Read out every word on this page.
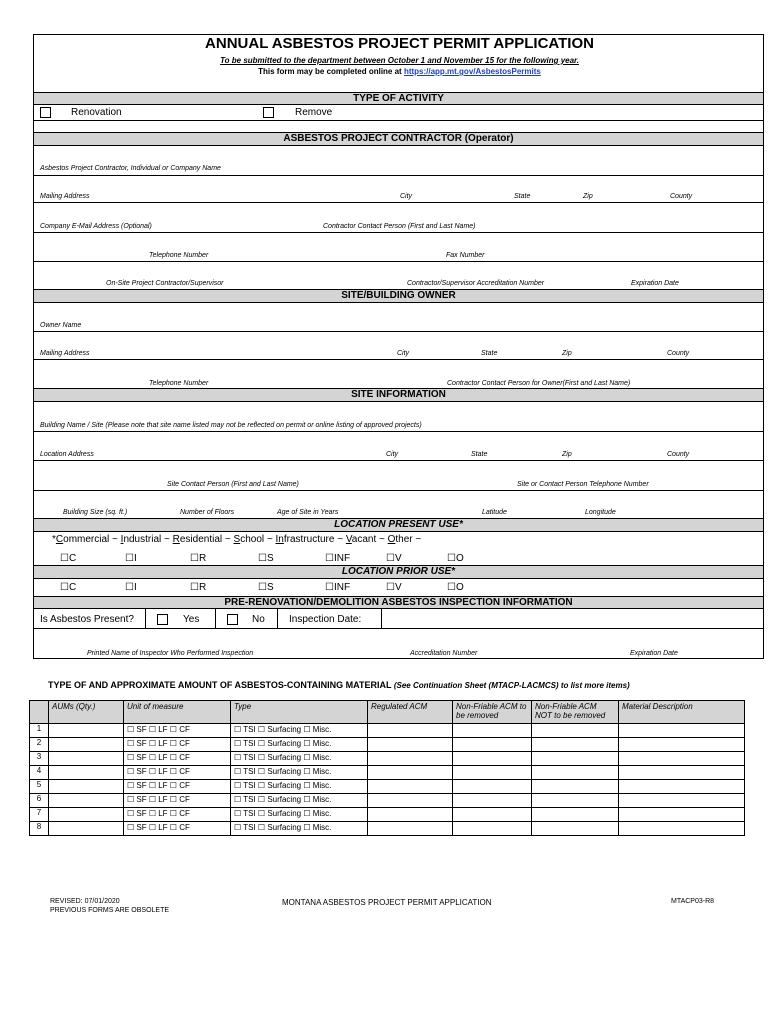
ANNUAL ASBESTOS PROJECT PERMIT APPLICATION
To be submitted to the department between October 1 and November 15 for the following year.
This form may be completed online at https://app.mt.gov/AsbestosPermits
TYPE OF ACTIVITY
Renovation	Remove
ASBESTOS PROJECT CONTRACTOR (Operator)
Asbestos Project Contractor, Individual or Company Name
Mailing Address	City	State	Zip	County
Company E-Mail Address (Optional)	Contractor Contact Person (First and Last Name)
Telephone Number	Fax Number
On-Site Project Contractor/Supervisor	Contractor/Supervisor Accreditation Number	Expiration Date
SITE/BUILDING OWNER
Owner Name
Mailing Address	City	State	Zip	County
Telephone Number	Contractor Contact Person for Owner(First and Last Name)
SITE INFORMATION
Building Name / Site (Please note that site name listed may not be reflected on permit or online listing of approved projects)
Location Address	City	State	Zip	County
Site Contact Person (First and Last Name)	Site or Contact Person Telephone Number
Building Size (sq. ft.)	Number of Floors	Age of Site in Years	Latitude	Longitude
LOCATION PRESENT USE*
*Commercial ~ Industrial ~ Residential ~ School ~ Infrastructure ~ Vacant ~ Other ~
☐C	☐I	☐R	☐S	☐INF	☐V	☐O
LOCATION PRIOR USE*
☐C	☐I	☐R	☐S	☐INF	☐V	☐O
PRE-RENOVATION/DEMOLITION ASBESTOS INSPECTION INFORMATION
Is Asbestos Present?	Yes	No Inspection Date:
Printed Name of Inspector Who Performed Inspection	Accreditation Number	Expiration Date
TYPE OF AND APPROXIMATE AMOUNT OF ASBESTOS-CONTAINING MATERIAL (See Continuation Sheet (MTACP-LACMCS) to list more items)
	AUMs (Qty.)	Unit of measure	Type	Regulated ACM	Non-Friable ACM to be removed	Non-Friable ACM NOT to be removed	Material Description
1		☐ SF ☐ LF ☐ CF	☐ TSI ☐ Surfacing ☐ Misc.				
2		☐ SF ☐ LF ☐ CF	☐ TSI ☐ Surfacing ☐ Misc.				
3		☐ SF ☐ LF ☐ CF	☐ TSI ☐ Surfacing ☐ Misc.				
4		☐ SF ☐ LF ☐ CF	☐ TSI ☐ Surfacing ☐ Misc.				
5		☐ SF ☐ LF ☐ CF	☐ TSI ☐ Surfacing ☐ Misc.				
6		☐ SF ☐ LF ☐ CF	☐ TSI ☐ Surfacing ☐ Misc.				
7		☐ SF ☐ LF ☐ CF	☐ TSI ☐ Surfacing ☐ Misc.				
8		☐ SF ☐ LF ☐ CF	☐ TSI ☐ Surfacing ☐ Misc.				
REVISED: 07/01/2020
PREVIOUS FORMS ARE OBSOLETE
MONTANA ASBESTOS PROJECT PERMIT APPLICATION	MTACP03-R8
